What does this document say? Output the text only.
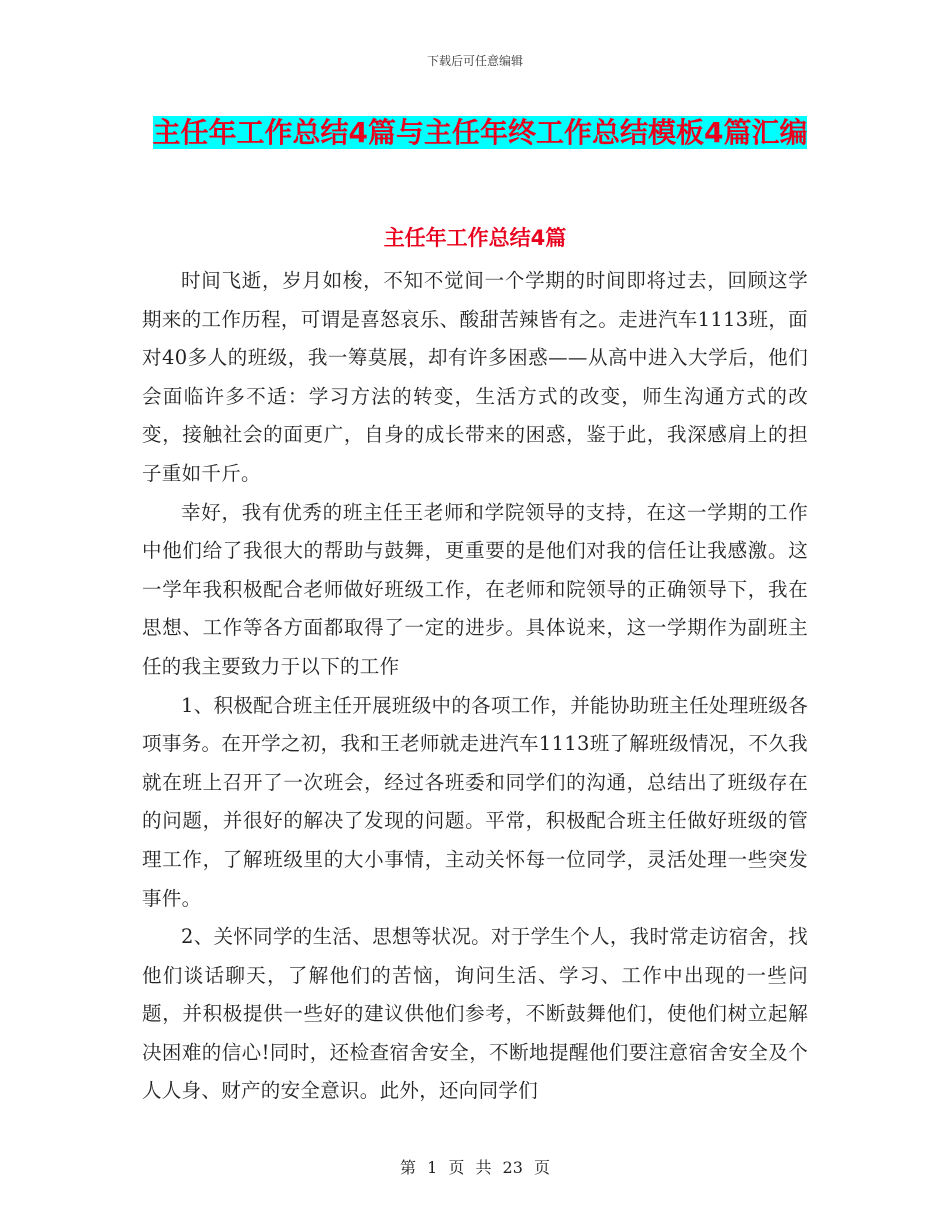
下载后可任意编辑
主任年工作总结4篇与主任年终工作总结模板4篇汇编
主任年工作总结4篇

时间飞逝，岁月如梭，不知不觉间一个学期的时间即将过去，回顾这学期来的工作历程，可谓是喜怒哀乐、酸甜苦辣皆有之。走进汽车1113班，面对40多人的班级，我一筹莫展，却有许多困惑——从高中进入大学后，他们会面临许多不适：学习方法的转变，生活方式的改变，师生沟通方式的改变，接触社会的面更广，自身的成长带来的困惑，鉴于此，我深感肩上的担子重如千斤。

幸好，我有优秀的班主任王老师和学院领导的支持，在这一学期的工作中他们给了我很大的帮助与鼓舞，更重要的是他们对我的信任让我感激。这一学年我积极配合老师做好班级工作，在老师和院领导的正确领导下，我在思想、工作等各方面都取得了一定的进步。具体说来，这一学期作为副班主任的我主要致力于以下的工作

1、积极配合班主任开展班级中的各项工作，并能协助班主任处理班级各项事务。在开学之初，我和王老师就走进汽车1113班了解班级情况，不久我就在班上召开了一次班会，经过各班委和同学们的沟通，总结出了班级存在的问题，并很好的解决了发现的问题。平常，积极配合班主任做好班级的管理工作，了解班级里的大小事情，主动关怀每一位同学，灵活处理一些突发事件。

2、关怀同学的生活、思想等状况。对于学生个人，我时常走访宿舍，找他们谈话聊天，了解他们的苦恼，询问生活、学习、工作中出现的一些问题，并积极提供一些好的建议供他们参考，不断鼓舞他们，使他们树立起解决困难的信心!同时，还检查宿舍安全，不断地提醒他们要注意宿舍安全及个人人身、财产的安全意识。此外，还向同学们

第 1 页 共 23 页
